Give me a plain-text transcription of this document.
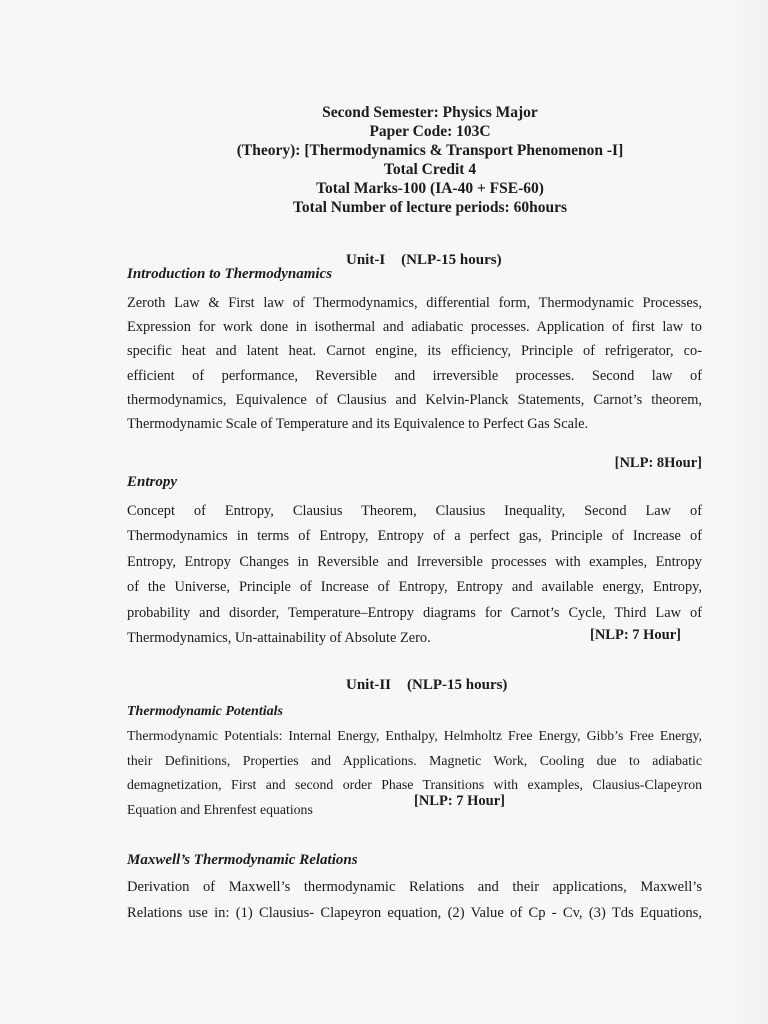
Second Semester: Physics Major
Paper Code: 103C
(Theory): [Thermodynamics & Transport Phenomenon -I]
Total Credit 4
Total Marks-100 (IA-40 + FSE-60)
Total Number of lecture periods: 60hours
Unit-I (NLP-15 hours)
Introduction to Thermodynamics
Zeroth Law & First law of Thermodynamics, differential form, Thermodynamic Processes,
Expression for work done in isothermal and adiabatic processes. Application of first law to
specific heat and latent heat. Carnot engine, its efficiency, Principle of refrigerator, co-
efficient of performance, Reversible and irreversible processes. Second law of
thermodynamics, Equivalence of Clausius and Kelvin-Planck Statements, Carnot’s theorem,
Thermodynamic Scale of Temperature and its Equivalence to Perfect Gas Scale.
[NLP: 8Hour]
Entropy
Concept of Entropy, Clausius Theorem, Clausius Inequality, Second Law of
Thermodynamics in terms of Entropy, Entropy of a perfect gas, Principle of Increase of
Entropy, Entropy Changes in Reversible and Irreversible processes with examples, Entropy
of the Universe, Principle of Increase of Entropy, Entropy and available energy, Entropy,
probability and disorder, Temperature–Entropy diagrams for Carnot’s Cycle, Third Law of
Thermodynamics, Un-attainability of Absolute Zero.	[NLP: 7 Hour]
Unit-II (NLP-15 hours)
Thermodynamic Potentials
Thermodynamic Potentials: Internal Energy, Enthalpy, Helmholtz Free Energy, Gibb’s Free Energy,
their Definitions, Properties and Applications. Magnetic Work, Cooling due to adiabatic
demagnetization, First and second order Phase Transitions with examples, Clausius-Clapeyron
Equation and Ehrenfest equations	[NLP: 7 Hour]
Maxwell’s Thermodynamic Relations
Derivation of Maxwell’s thermodynamic Relations and their applications, Maxwell’s
Relations use in: (1) Clausius- Clapeyron equation, (2) Value of Cp - Cv, (3) Tds Equations,
